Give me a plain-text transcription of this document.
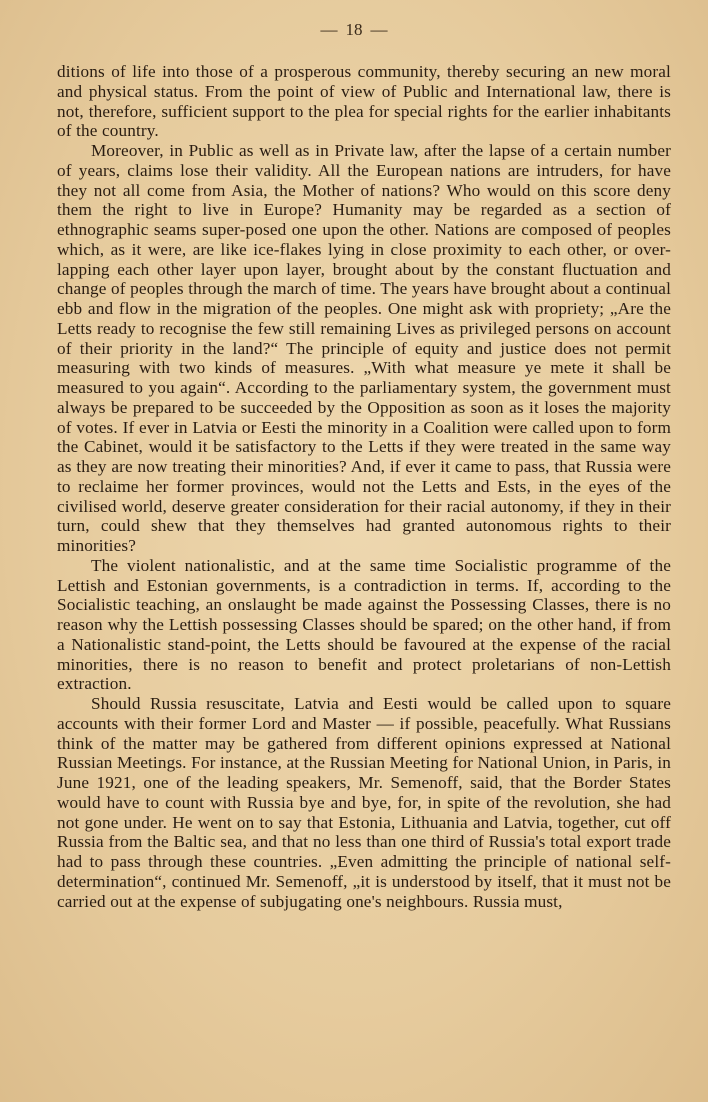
— 18 —

ditions of life into those of a prosperous community, thereby securing an new moral and physical status. From the point of view of Public and International law, there is not, therefore, sufficient support to the plea for special rights for the earlier inhabitants of the country.

Moreover, in Public as well as in Private law, after the lapse of a certain number of years, claims lose their validity. All the European nations are intruders, for have they not all come from Asia, the Mother of nations? Who would on this score deny them the right to live in Europe? Humanity may be regarded as a section of ethnographic seams super-posed one upon the other. Nations are composed of peoples which, as it were, are like ice-flakes lying in close proximity to each other, or over-lapping each other layer upon layer, brought about by the constant fluctuation and change of peoples through the march of time. The years have brought about a continual ebb and flow in the migration of the peoples. One might ask with propriety; „Are the Letts ready to recognise the few still remaining Lives as privileged persons on account of their priority in the land?“ The principle of equity and justice does not permit measuring with two kinds of measures. „With what measure ye mete it shall be measured to you again“. According to the parliamentary system, the government must always be prepared to be succeeded by the Opposition as soon as it loses the majority of votes. If ever in Latvia or Eesti the minority in a Coalition were called upon to form the Cabinet, would it be satisfactory to the Letts if they were treated in the same way as they are now treating their minorities? And, if ever it came to pass, that Russia were to reclaime her former provinces, would not the Letts and Ests, in the eyes of the civilised world, deserve greater consideration for their racial autonomy, if they in their turn, could shew that they themselves had granted autonomous rights to their minorities?

The violent nationalistic, and at the same time Socialistic programme of the Lettish and Estonian governments, is a contradiction in terms. If, according to the Socialistic teaching, an onslaught be made against the Possessing Classes, there is no reason why the Lettish possessing Classes should be spared; on the other hand, if from a Nationalistic stand-point, the Letts should be favoured at the expense of the racial minorities, there is no reason to benefit and protect proletarians of non-Lettish extraction.

Should Russia resuscitate, Latvia and Eesti would be called upon to square accounts with their former Lord and Master — if possible, peacefully. What Russians think of the matter may be gathered from different opinions expressed at National Russian Meetings. For instance, at the Russian Meeting for National Union, in Paris, in June 1921, one of the leading speakers, Mr. Semenoff, said, that the Border States would have to count with Russia bye and bye, for, in spite of the revolution, she had not gone under. He went on to say that Estonia, Lithuania and Latvia, together, cut off Russia from the Baltic sea, and that no less than one third of Russia's total export trade had to pass through these countries. „Even admitting the principle of national self-determination“, continued Mr. Semenoff, „it is understood by itself, that it must not be carried out at the expense of subjugating one's neighbours. Russia must,
